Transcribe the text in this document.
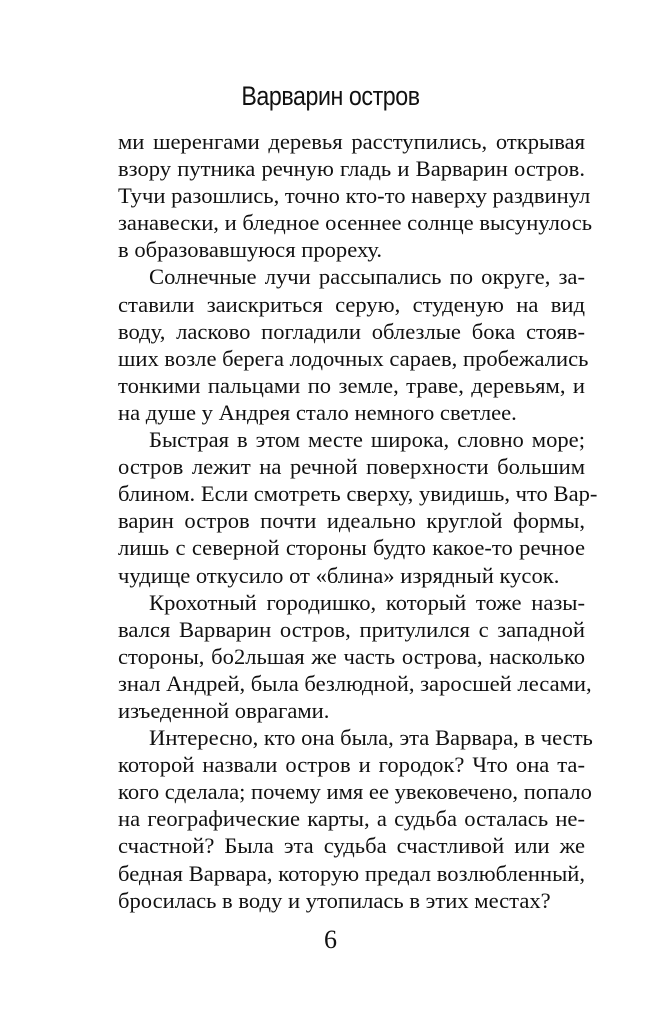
Варварин остров

ми шеренгами деревья расступились, открывая
взору путника речную гладь и Варварин остров.
Тучи разошлись, точно кто-то наверху раздвинул
занавески, и бледное осеннее солнце высунулось
в образовавшуюся прореху.

Солнечные лучи рассыпались по округе, за-
ставили заискриться серую, студеную на вид
воду, ласково погладили облезлые бока стояв-
ших возле берега лодочных сараев, пробежались
тонкими пальцами по земле, траве, деревьям, и
на душе у Андрея стало немного светлее.

Быстрая в этом месте широка, словно море;
остров лежит на речной поверхности большим
блином. Если смотреть сверху, увидишь, что Вар-
варин остров почти идеально круглой формы,
лишь с северной стороны будто какое-то речное
чудище откусило от «блина» изрядный кусок.

Крохотный городишко, который тоже назы-
вался Варварин остров, притулился с западной
стороны, бо2льшая же часть острова, насколько
знал Андрей, была безлюдной, заросшей лесами,
изъеденной оврагами.

Интересно, кто она была, эта Варвара, в честь
которой назвали остров и городок? Что она та-
кого сделала; почему имя ее увековечено, попало
на географические карты, а судьба осталась не-
счастной? Была эта судьба счастливой или же
бедная Варвара, которую предал возлюбленный,
бросилась в воду и утопилась в этих местах?

6
